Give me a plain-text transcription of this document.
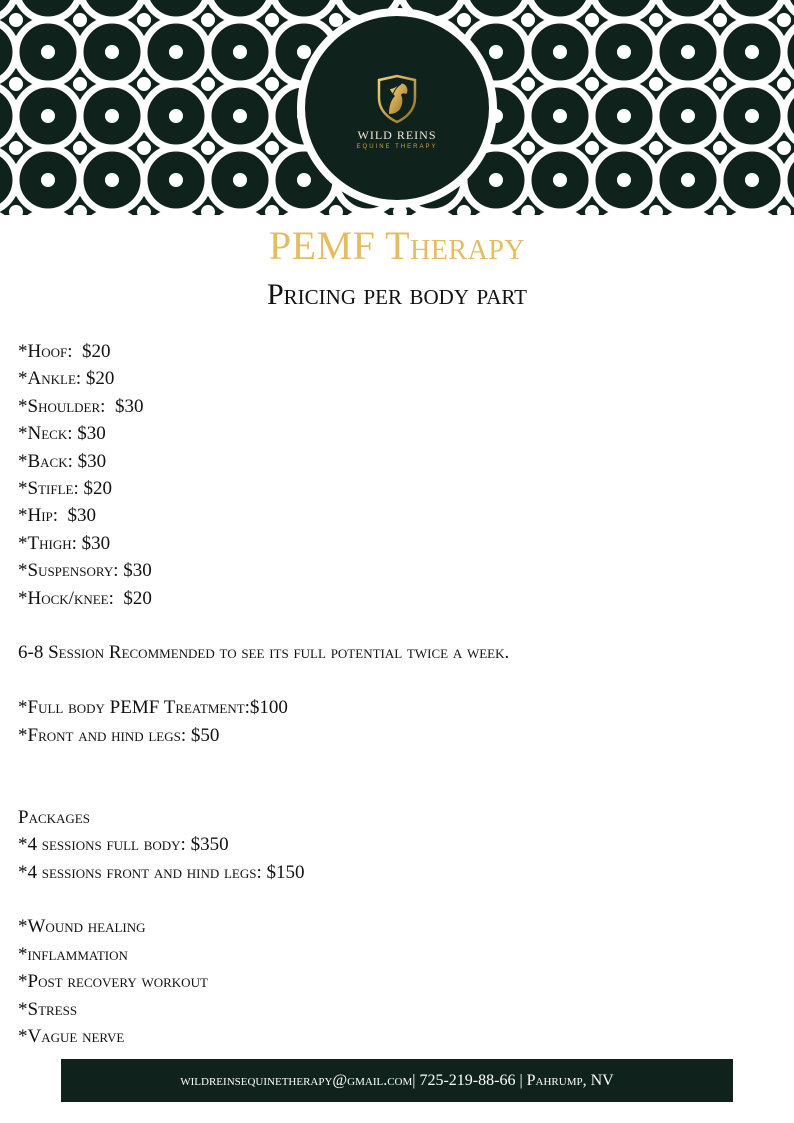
WILD REINS
EQUINE THERAPY
PEMF Therapy
Pricing per body part
*Hoof:  $20
*Ankle: $20
*Shoulder:  $30
*Neck: $30
*Back: $30
*Stifle: $20
*Hip:  $30
*Thigh: $30
*Suspensory: $30
*Hock/knee:  $20
6-8 Session Recommended to see its full potential twice a week.
*Full body PEMF Treatment:$100
*Front and hind legs: $50
Packages
*4 sessions full body: $350
*4 sessions front and hind legs: $150
*Wound healing
*inflammation
*Post recovery workout
*Stress
*Vague nerve
wildreinsequinetherapy@gmail.com| 725-219-88-66 | Pahrump, NV
